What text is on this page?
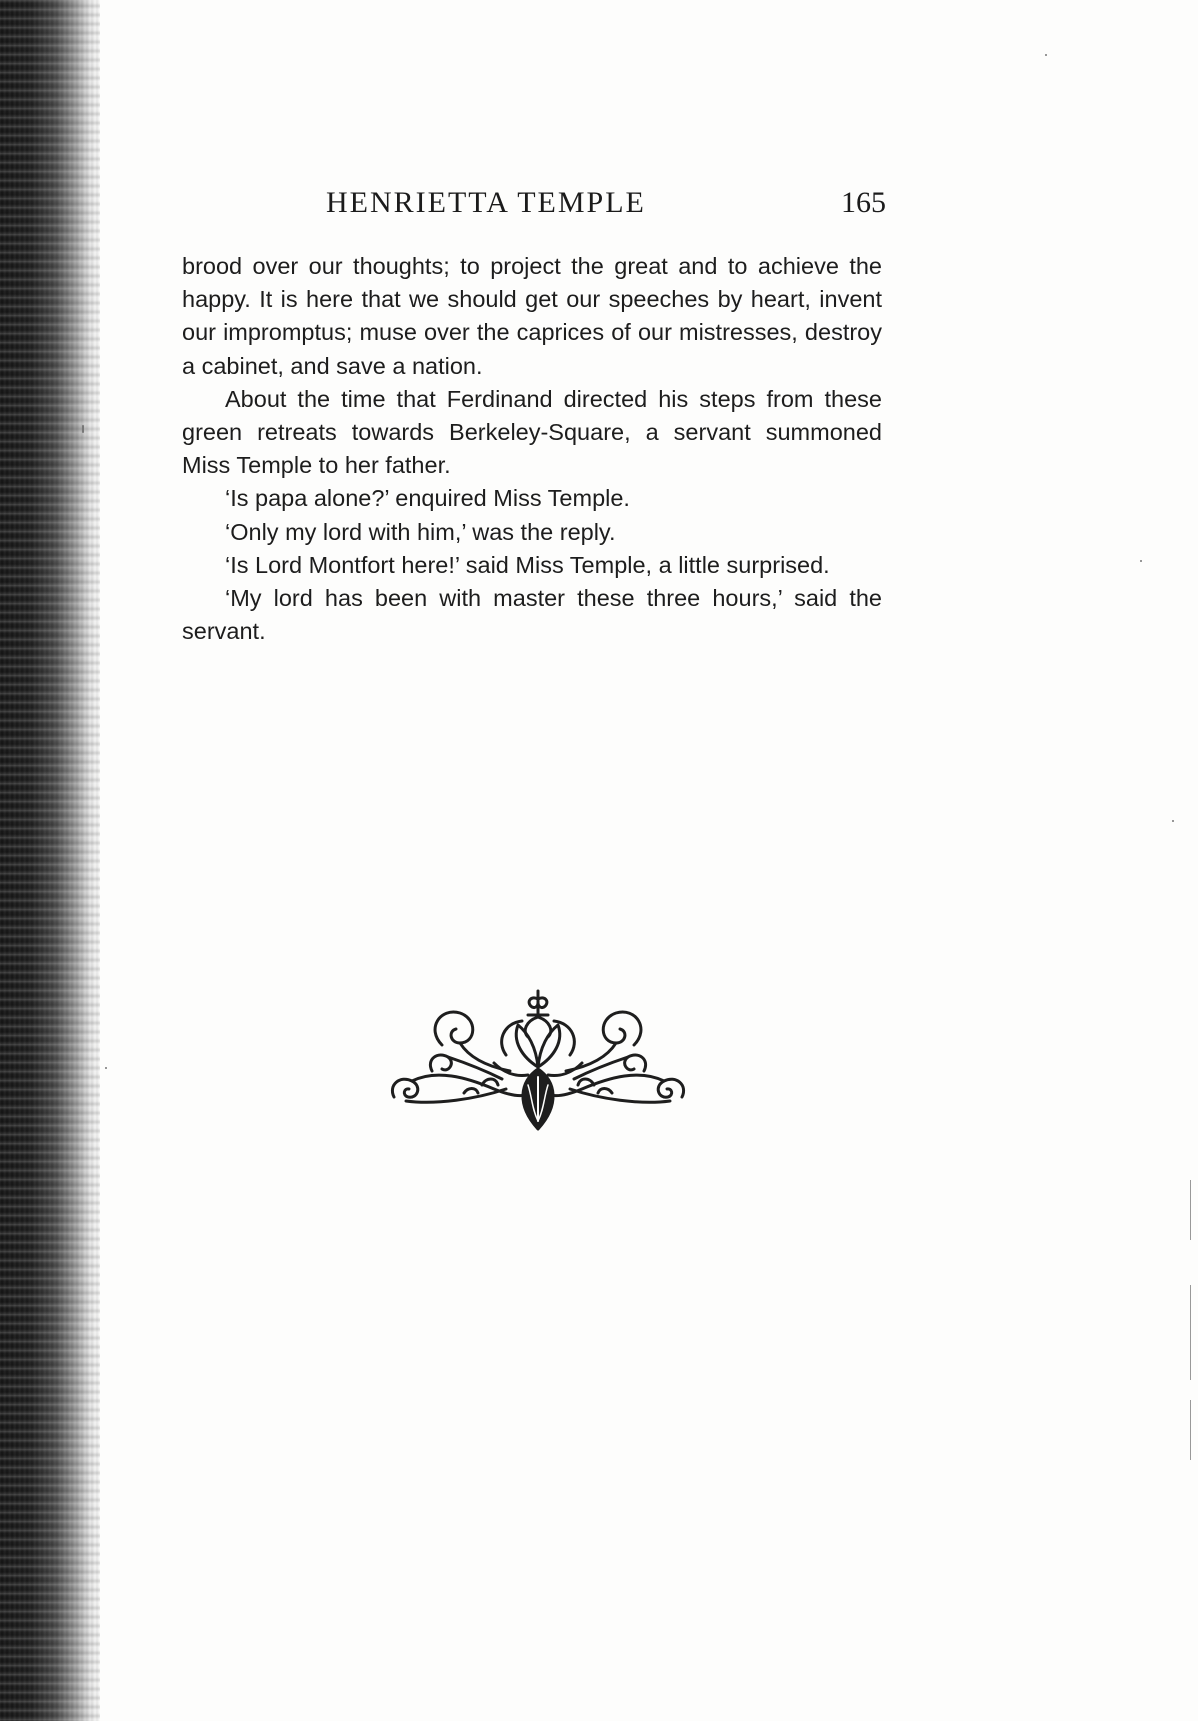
HENRIETTA TEMPLE	165

brood over our thoughts; to project the great and to achieve the happy. It is here that we should get our speeches by heart, invent our impromptus; muse over the caprices of our mistresses, destroy a cabinet, and save a nation.

About the time that Ferdinand directed his steps from these green retreats towards Berkeley-Square, a servant summoned Miss Temple to her father.

‘Is papa alone?’ enquired Miss Temple.

‘Only my lord with him,’ was the reply.

‘Is Lord Montfort here!’ said Miss Temple, a little surprised.

‘My lord has been with master these three hours,’ said the servant.
